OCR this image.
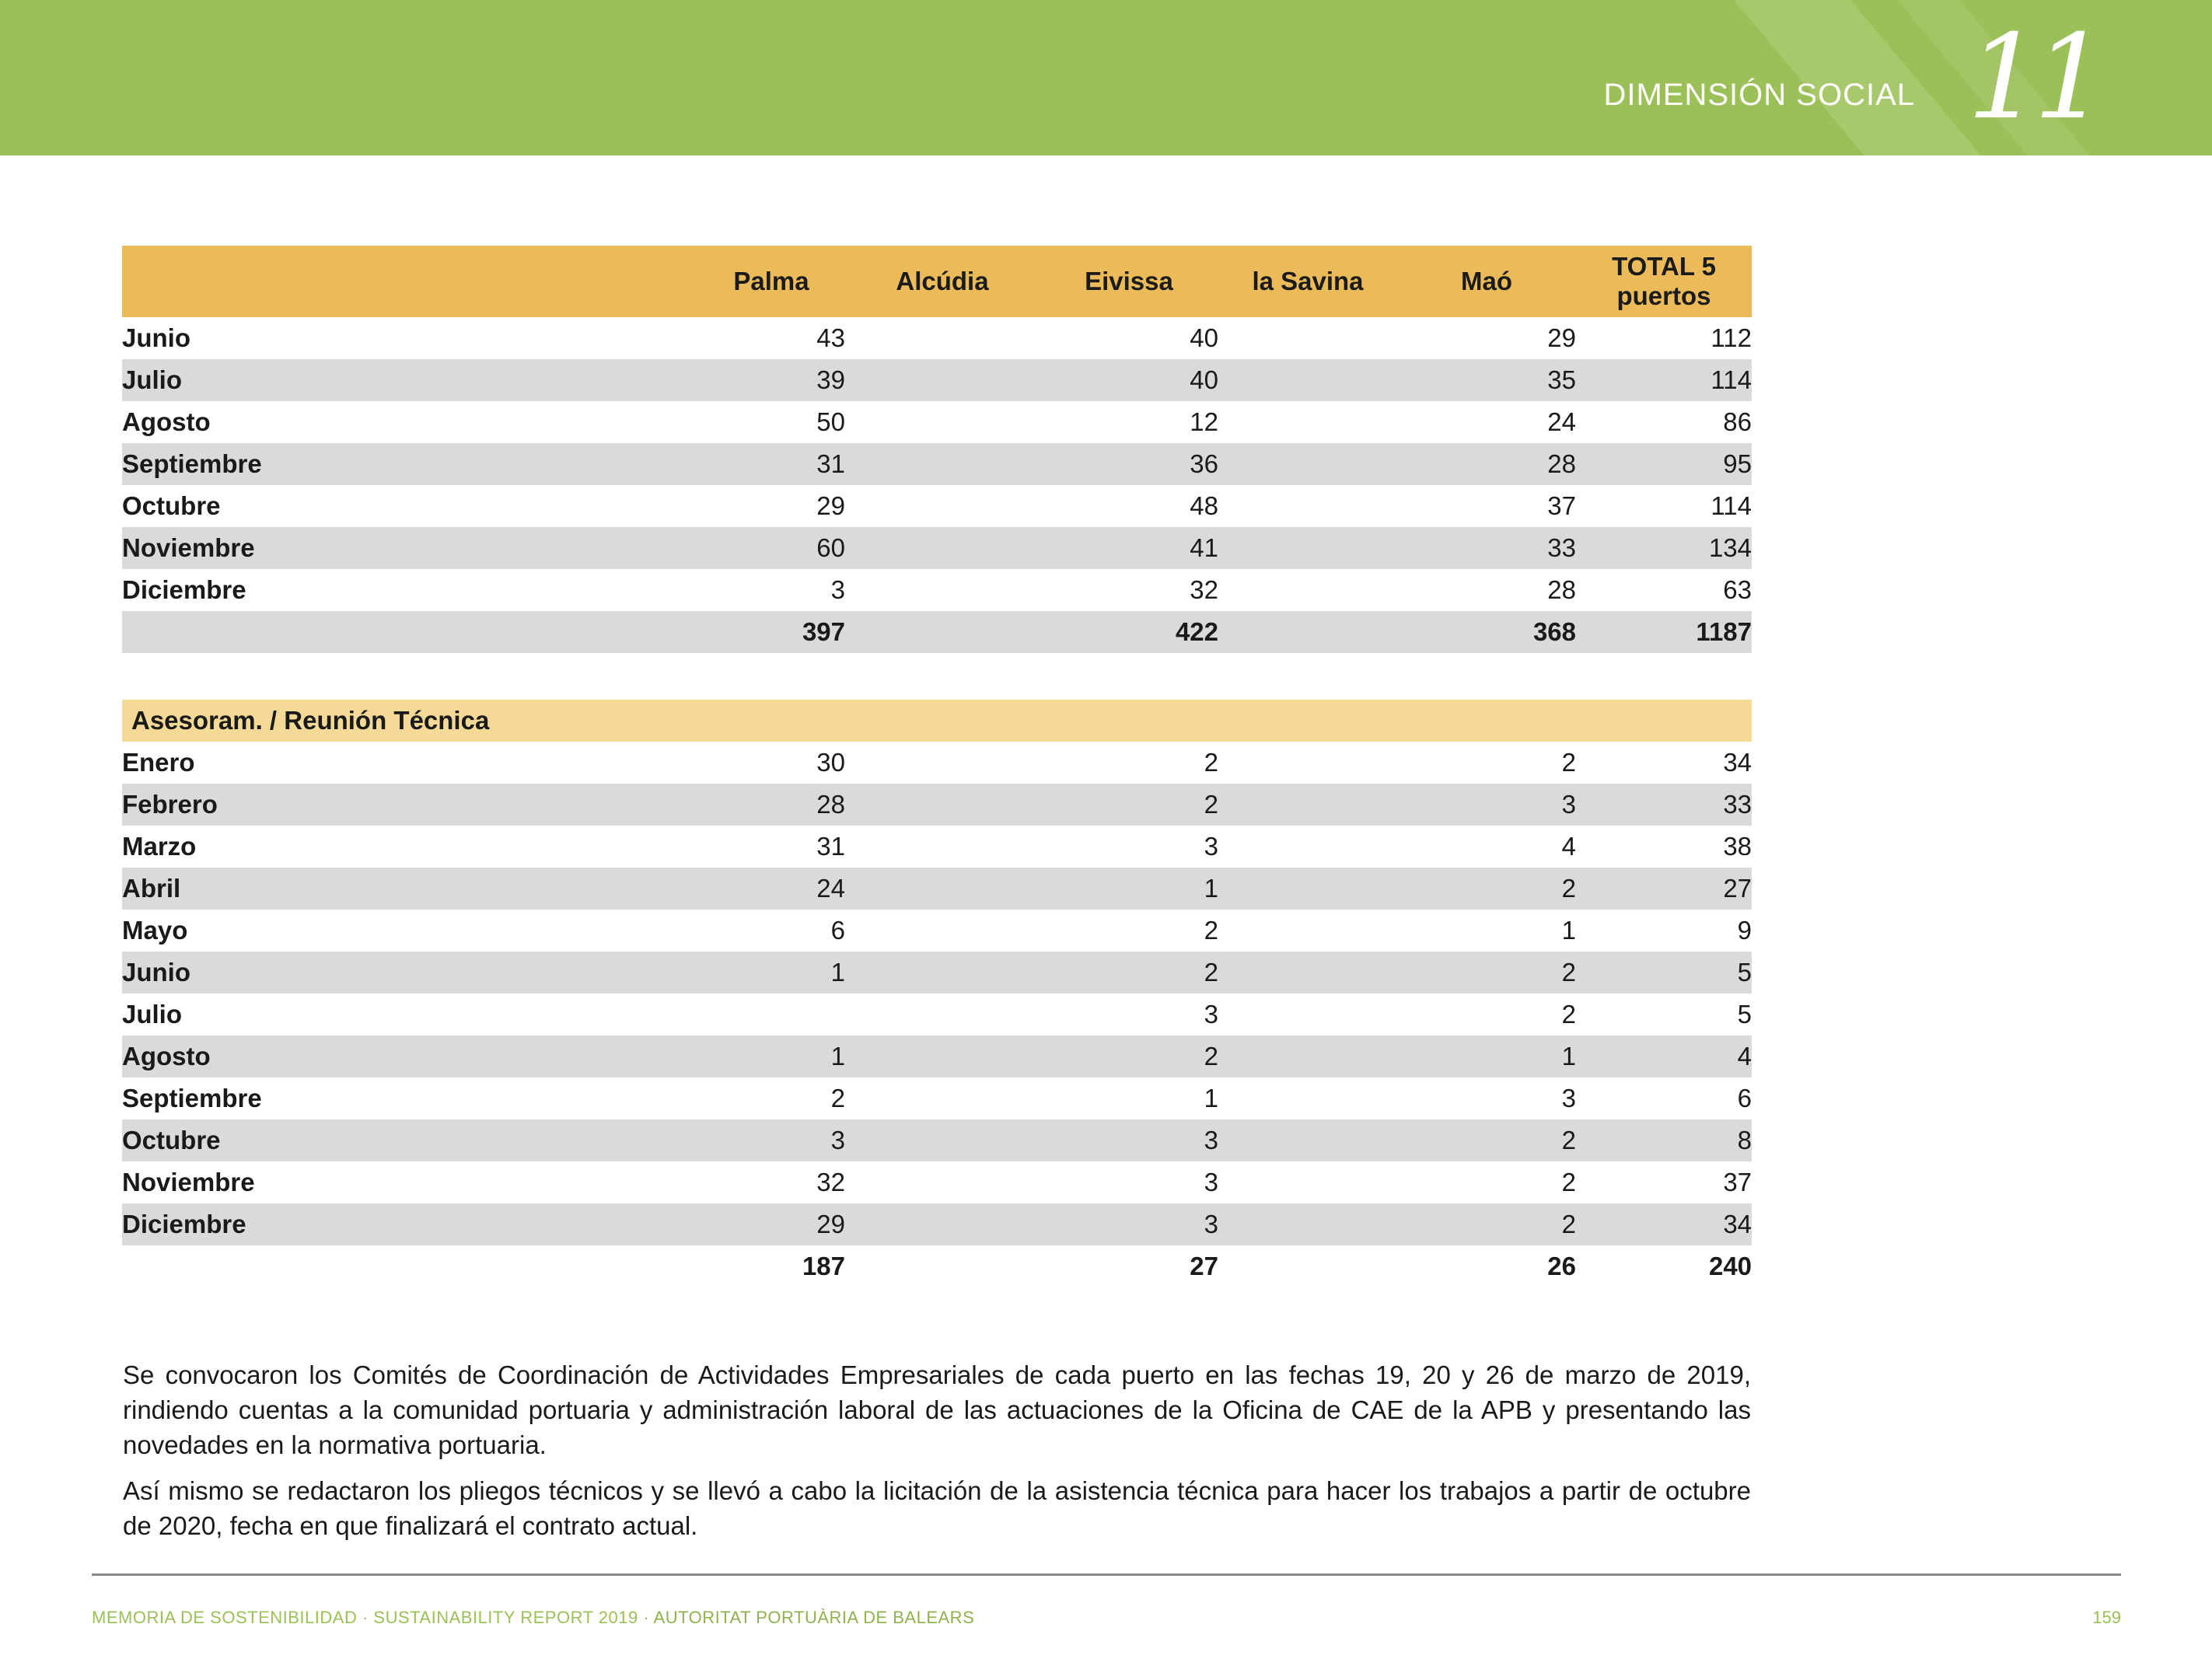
DIMENSIÓN SOCIAL 11
	Palma	Alcúdia	Eivissa	la Savina	Maó	TOTAL 5 puertos
Junio	43		40		29	112
Julio	39		40		35	114
Agosto	50		12		24	86
Septiembre	31		36		28	95
Octubre	29		48		37	114
Noviembre	60		41		33	134
Diciembre	3		32		28	63
	397		422		368	1187
Asesoram. / Reunión Técnica						
Enero	30		2		2	34
Febrero	28		2		3	33
Marzo	31		3		4	38
Abril	24		1		2	27
Mayo	6		2		1	9
Junio	1		2		2	5
Julio			3		2	5
Agosto	1		2		1	4
Septiembre	2		1		3	6
Octubre	3		3		2	8
Noviembre	32		3		2	37
Diciembre	29		3		2	34
	187		27		26	240

Se convocaron los Comités de Coordinación de Actividades Empresariales de cada puerto en las fechas 19, 20 y 26 de marzo de 2019, rindiendo cuentas a la comunidad portuaria y administración laboral de las actuaciones de la Oficina de CAE de la APB y presentando las novedades en la normativa portuaria.

Así mismo se redactaron los pliegos técnicos y se llevó a cabo la licitación de la asistencia técnica para hacer los trabajos a partir de octubre de 2020, fecha en que finalizará el contrato actual.

MEMORIA DE SOSTENIBILIDAD · SUSTAINABILITY REPORT 2019 · AUTORITAT PORTUÀRIA DE BALEARS	159
